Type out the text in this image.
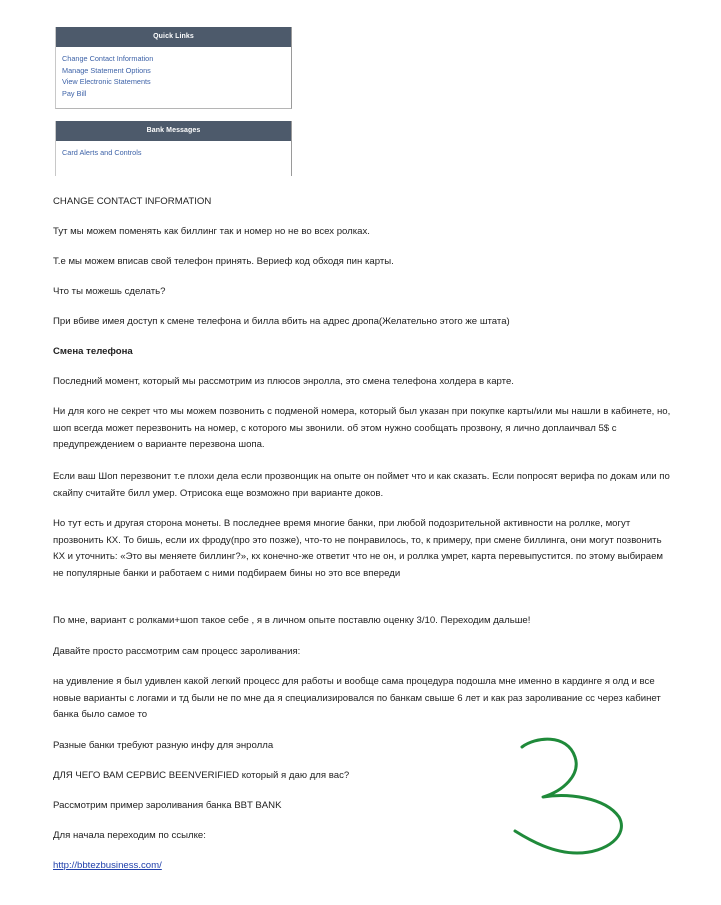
Quick Links
Change Contact Information
Manage Statement Options
View Electronic Statements
Pay Bill
Bank Messages
Card Alerts and Controls

CHANGE CONTACT INFORMATION

Тут мы можем поменять как биллинг так и номер но не во всех ролках.

Т.е мы можем вписав свой телефон принять. Вериеф код обходя пин карты.

Что ты можешь сделать?

При вбиве имея доступ к смене телефона и билла вбить на адрес дропа(Желательно этого же штата)

Смена телефона

Последний момент, который мы рассмотрим из плюсов энролла, это смена телефона холдера в карте.

Ни для кого не секрет что мы можем позвонить с подменой номера, который был указан при покупке карты/или мы нашли в кабинете, но, шоп всегда может перезвонить на номер, с которого мы звонили. об этом нужно сообщать прозвону, я лично доплаичвал 5$ с предупреждением о варианте перезвона шопа.

Если ваш Шоп перезвонит т.е плохи дела если прозвонщик на опыте он поймет что и как сказать. Если попросят верифа по докам или по скайпу считайте билл умер. Отрисока еще возможно при варианте доков.

Но тут есть и другая сторона монеты. В последнее время многие банки, при любой подозрительной активности на роллке, могут прозвонить КХ. То бишь, если их фроду(про это позже), что-то не понравилось, то, к примеру, при смене биллинга, они могут позвонить КХ и уточнить: «Это вы меняете биллинг?», кх конечно-же ответит что не он, и роллка умрет, карта перевыпустится. по этому выбираем не популярные банки и работаем с ними подбираем бины но это все впереди

По мне, вариант с ролками+шоп такое себе , я в личном опыте поставлю оценку 3/10. Переходим дальше!

Давайте просто рассмотрим сам процесс зароливания:

на удивление я был удивлен какой легкий процесс для работы и вообще сама процедура подошла мне именно в кардинге я олд и все новые варианты с логами и тд были не по мне да я специализировался по банкам свыше 6 лет и как раз зароливание сс через кабинет банка было самое то

Разные банки требуют разную инфу для энролла

ДЛЯ ЧЕГО ВАМ СЕРВИС BEENVERIFIED который я даю для вас?

Рассмотрим пример зароливания банка BBT BANK

Для начала переходим по ссылке:

http://bbtezbusiness.com/
